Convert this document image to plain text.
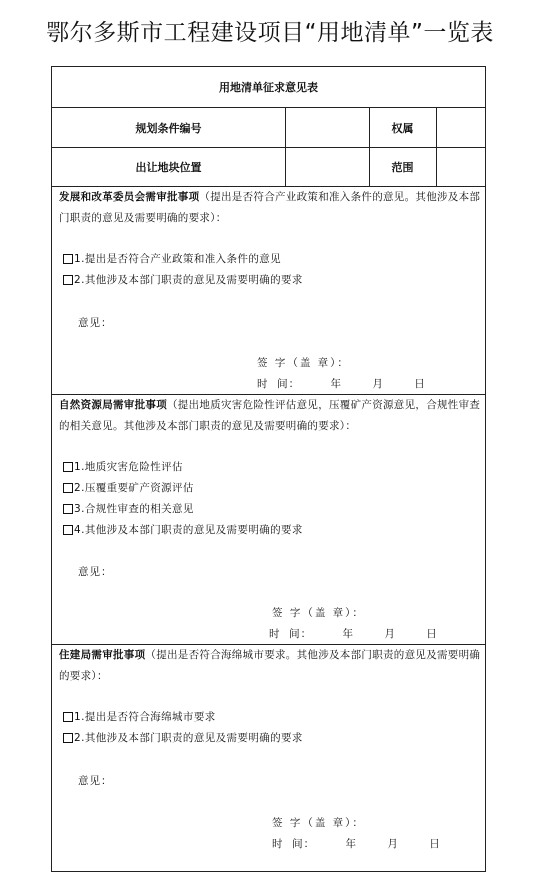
鄂尔多斯市工程建设项目“用地清单”一览表
用地清单征求意见表
规划条件编号	权属
出让地块位置	范围
发展和改革委员会需审批事项（提出是否符合产业政策和准入条件的意见。其他涉及本部门职责的意见及需要明确的要求）：
1.提出是否符合产业政策和准入条件的意见
2.其他涉及本部门职责的意见及需要明确的要求
意见：
签 字（盖 章）：
时  间：       年       月       日
自然资源局需审批事项（提出地质灾害危险性评估意见，压覆矿产资源意见，合规性审查的相关意见。其他涉及本部门职责的意见及需要明确的要求）：
1.地质灾害危险性评估
2.压覆重要矿产资源评估
3.合规性审查的相关意见
4.其他涉及本部门职责的意见及需要明确的要求
意见：
签 字（盖 章）：
时  间：       年       月       日
住建局需审批事项（提出是否符合海绵城市要求。其他涉及本部门职责的意见及需要明确的要求）：
1.提出是否符合海绵城市要求
2.其他涉及本部门职责的意见及需要明确的要求
意见：
签 字（盖 章）：
时  间：       年       月       日
